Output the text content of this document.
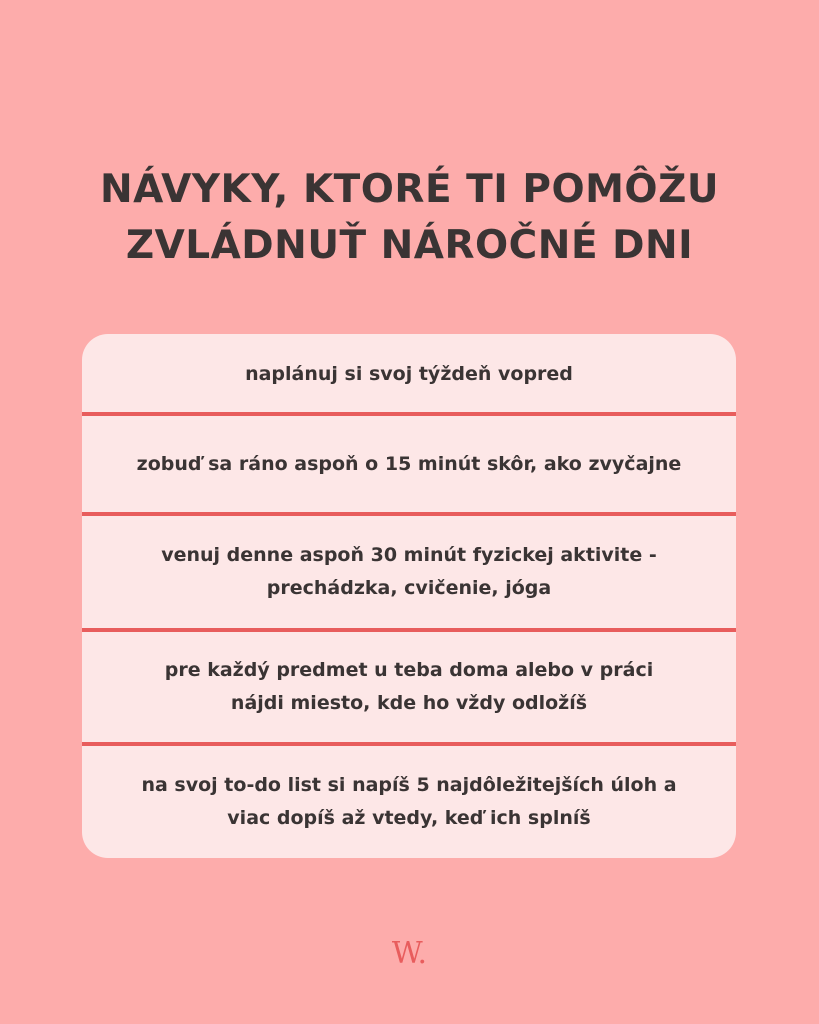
NÁVYKY, KTORÉ TI POMÔŽU
ZVLÁDNUŤ NÁROČNÉ DNI
naplánuj si svoj týždeň vopred
zobuď sa ráno aspoň o 15 minút skôr, ako zvyčajne
venuj denne aspoň 30 minút fyzickej aktivite -
prechádzka, cvičenie, jóga
pre každý predmet u teba doma alebo v práci
nájdi miesto, kde ho vždy odložíš
na svoj to-do list si napíš 5 najdôležitejších úloh a
viac dopíš až vtedy, keď ich splníš
W.
